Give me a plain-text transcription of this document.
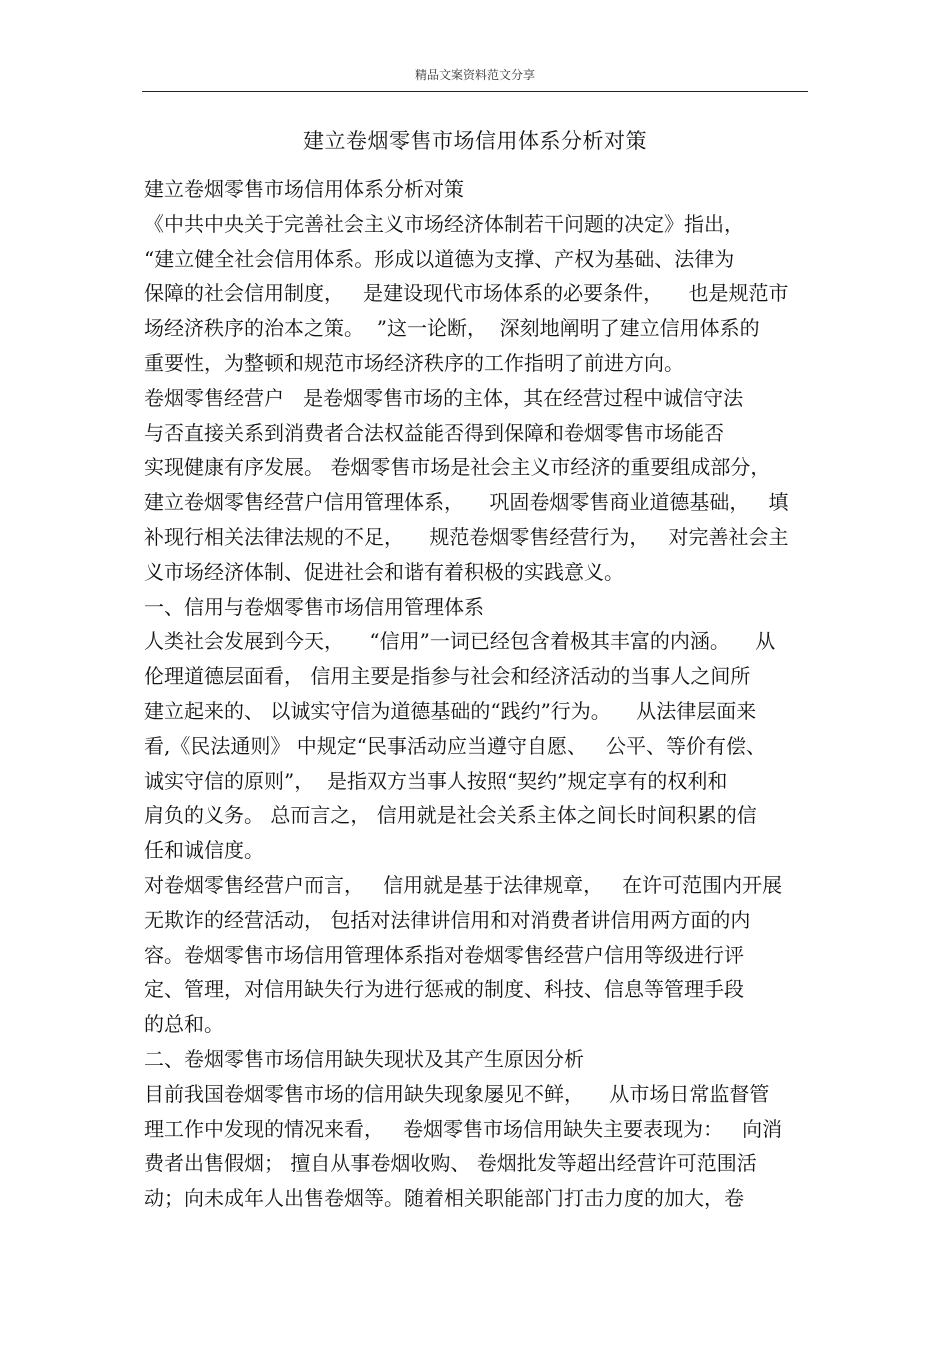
精品文案资料范文分享
建立卷烟零售市场信用体系分析对策
建立卷烟零售市场信用体系分析对策
《中共中央关于完善社会主义市场经济体制若干问题的决定》指出，
“建立健全社会信用体系。形成以道德为支撑、产权为基础、法律为
保障的社会信用制度，   是建设现代市场体系的必要条件，    也是规范市
场经济秩序的治本之策。  ”这一论断，  深刻地阐明了建立信用体系的
重要性，为整顿和规范市场经济秩序的工作指明了前进方向。
卷烟零售经营户   是卷烟零售市场的主体，其在经营过程中诚信守法
与否直接关系到消费者合法权益能否得到保障和卷烟零售市场能否
实现健康有序发展。 卷烟零售市场是社会主义市经济的重要组成部分，
建立卷烟零售经营户信用管理体系，    巩固卷烟零售商业道德基础，   填
补现行相关法律法规的不足，    规范卷烟零售经营行为，   对完善社会主
义市场经济体制、促进社会和谐有着积极的实践意义。
一、信用与卷烟零售市场信用管理体系
人类社会发展到今天，    “信用”一词已经包含着极其丰富的内涵。    从
伦理道德层面看， 信用主要是指参与社会和经济活动的当事人之间所
建立起来的、 以诚实守信为道德基础的“践约”行为。    从法律层面来
看,《民法通则》 中规定“民事活动应当遵守自愿、   公平、等价有偿、
诚实守信的原则”，  是指双方当事人按照“契约”规定享有的权利和
肩负的义务。 总而言之， 信用就是社会关系主体之间长时间积累的信
任和诚信度。
对卷烟零售经营户而言，   信用就是基于法律规章，   在许可范围内开展
无欺诈的经营活动， 包括对法律讲信用和对消费者讲信用两方面的内
容。卷烟零售市场信用管理体系指对卷烟零售经营户信用等级进行评
定、管理，对信用缺失行为进行惩戒的制度、科技、信息等管理手段
的总和。
二、卷烟零售市场信用缺失现状及其产生原因分析
目前我国卷烟零售市场的信用缺失现象屡见不鲜，    从市场日常监督管
理工作中发现的情况来看，   卷烟零售市场信用缺失主要表现为：   向消
费者出售假烟； 擅自从事卷烟收购、 卷烟批发等超出经营许可范围活
动；向未成年人出售卷烟等。随着相关职能部门打击力度的加大，卷
